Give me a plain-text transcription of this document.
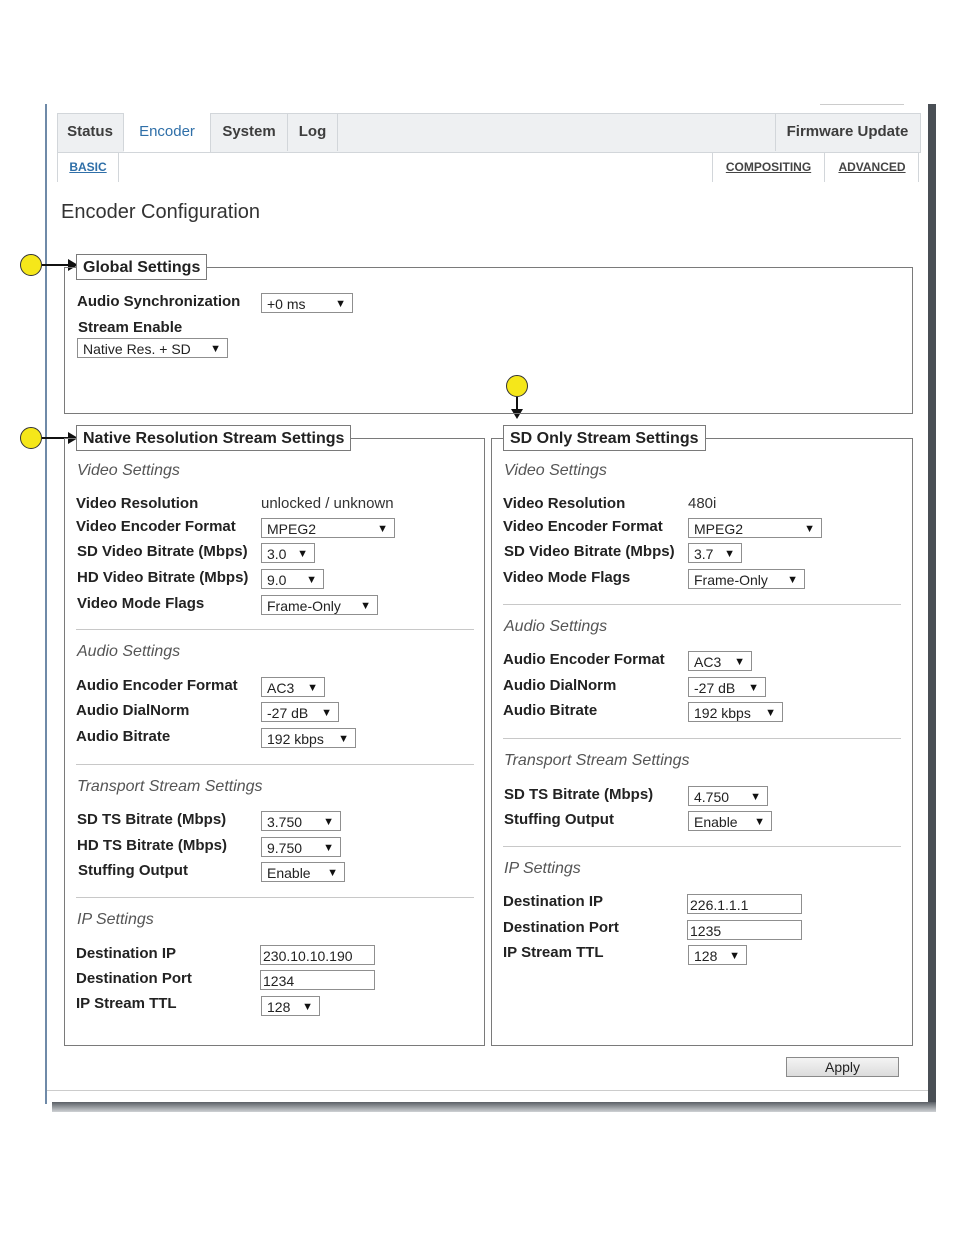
Status	Encoder	System	Log	Firmware Update
BASIC	COMPOSITING	ADVANCED
Encoder Configuration
Global Settings
Audio Synchronization	+0 ms	▼
Stream Enable
Native Res. + SD ▼
Native Resolution Stream Settings
Video Settings
Video Resolution	unlocked / unknown
Video Encoder Format	MPEG2	▼
SD Video Bitrate (Mbps)	3.0 ▼
HD Video Bitrate (Mbps)	9.0 ▼
Video Mode Flags	Frame-Only ▼
Audio Settings
Audio Encoder Format	AC3 ▼
Audio DialNorm	-27 dB ▼
Audio Bitrate	192 kbps ▼
Transport Stream Settings
SD TS Bitrate (Mbps)	3.750 ▼
HD TS Bitrate (Mbps)	9.750 ▼
Stuffing Output	Enable ▼
IP Settings
Destination IP	230.10.10.190
Destination Port	1234
IP Stream TTL	128 ▼
SD Only Stream Settings
Video Settings
Video Resolution	480i
Video Encoder Format	MPEG2	▼
SD Video Bitrate (Mbps)	3.7 ▼
Video Mode Flags	Frame-Only ▼
Audio Settings
Audio Encoder Format	AC3 ▼
Audio DialNorm	-27 dB ▼
Audio Bitrate	192 kbps ▼
Transport Stream Settings
SD TS Bitrate (Mbps)	4.750 ▼
Stuffing Output	Enable ▼
IP Settings
Destination IP	226.1.1.1
Destination Port	1235
IP Stream TTL	128 ▼
Apply
